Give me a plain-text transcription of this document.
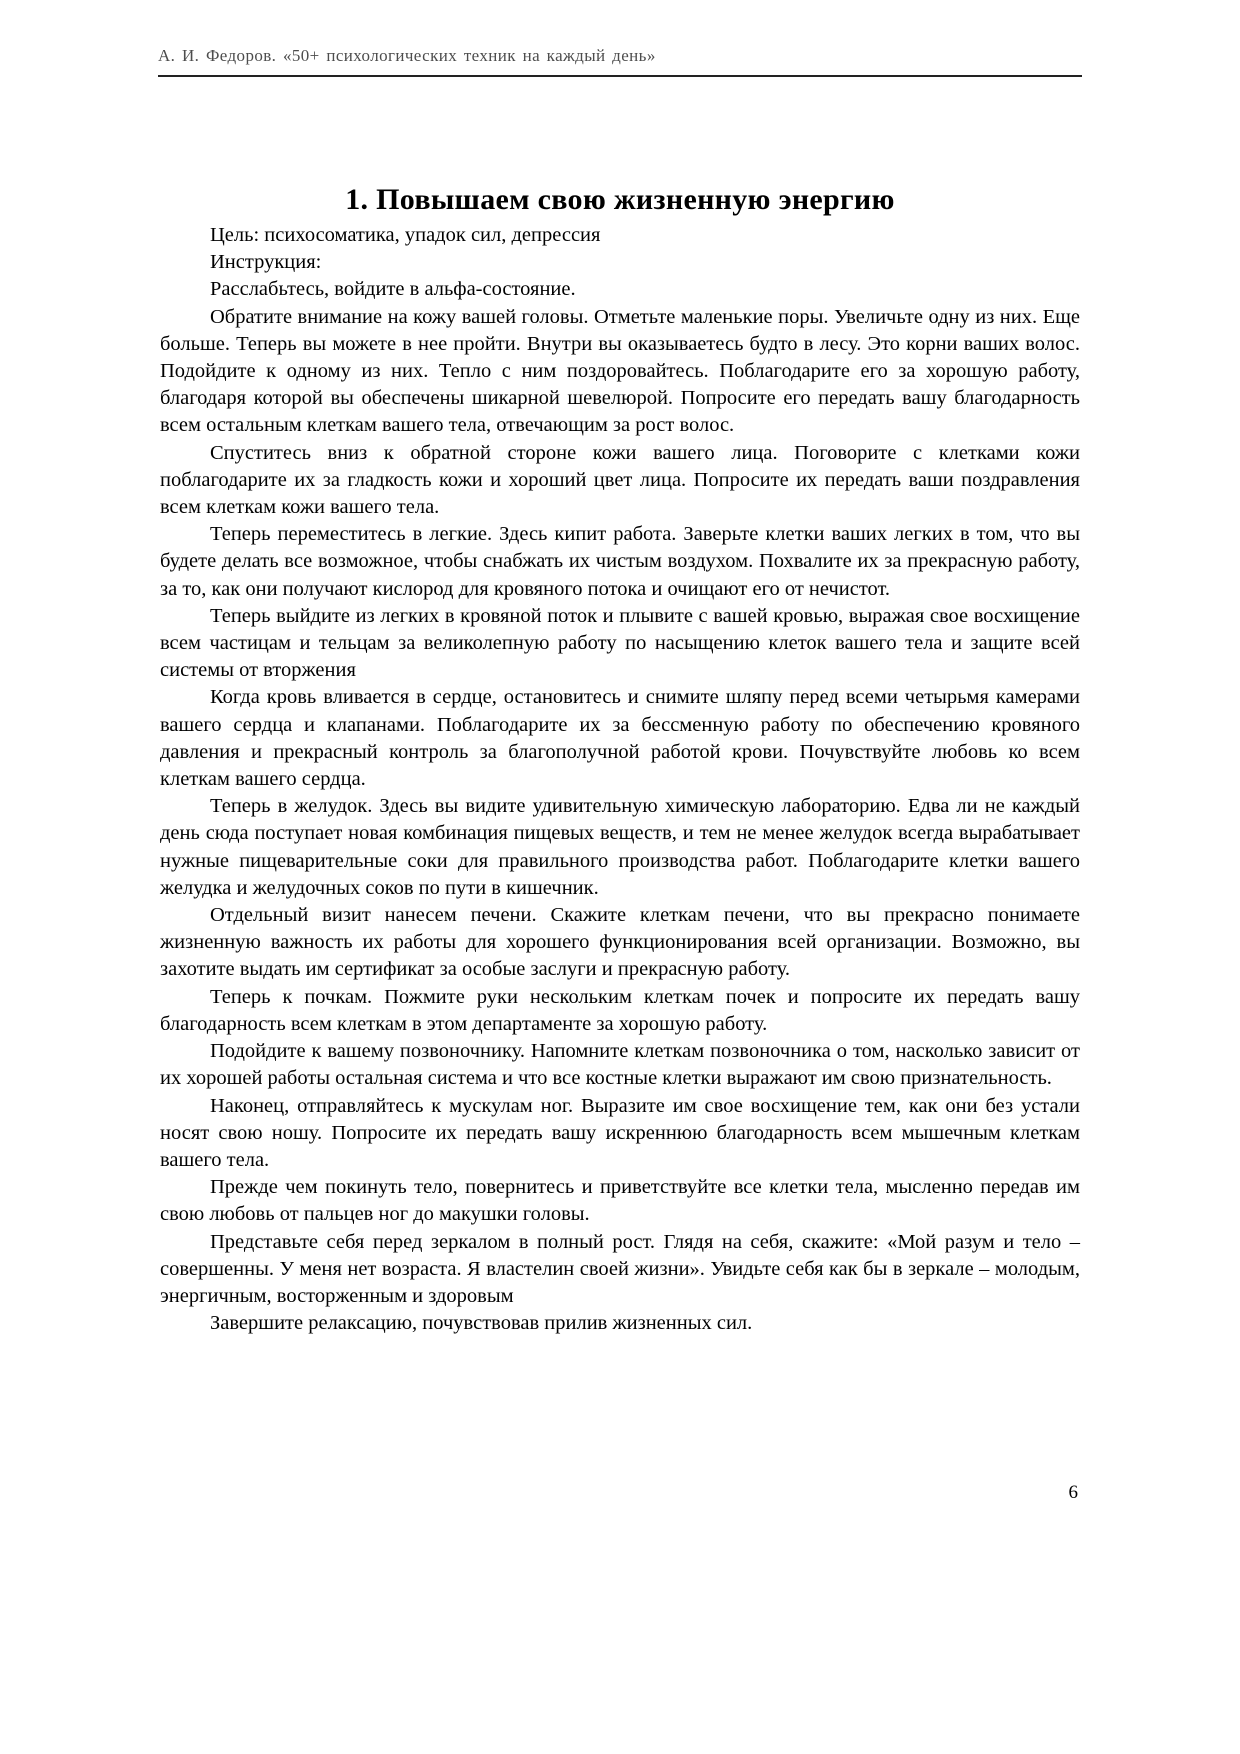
А. И. Федоров. «50+ психологических техник на каждый день»
1. Повышаем свою жизненную энергию

Цель: психосоматика, упадок сил, депрессия

Инструкция:

Расслабьтесь, войдите в альфа-состояние.

Обратите внимание на кожу вашей головы. Отметьте маленькие поры. Увеличьте одну из них. Еще больше. Теперь вы можете в нее пройти. Внутри вы оказываетесь будто в лесу. Это корни ваших волос. Подойдите к одному из них. Тепло с ним поздоровайтесь. Поблагодарите его за хорошую работу, благодаря которой вы обеспечены шикарной шевелюрой. Попросите его передать вашу благодарность всем остальным клеткам вашего тела, отвечающим за рост волос.

Спуститесь вниз к обратной стороне кожи вашего лица. Поговорите с клетками кожи поблагодарите их за гладкость кожи и хороший цвет лица. Попросите их передать ваши поздравления всем клеткам кожи вашего тела.

Теперь переместитесь в легкие. Здесь кипит работа. Заверьте клетки ваших легких в том, что вы будете делать все возможное, чтобы снабжать их чистым воздухом. Похвалите их за прекрасную работу, за то, как они получают кислород для кровяного потока и очищают его от нечистот.

Теперь выйдите из легких в кровяной поток и плывите с вашей кровью, выражая свое восхищение всем частицам и тельцам за великолепную работу по насыщению клеток вашего тела и защите всей системы от вторжения

Когда кровь вливается в сердце, остановитесь и снимите шляпу перед всеми четырьмя камерами вашего сердца и клапанами. Поблагодарите их за бессменную работу по обеспечению кровяного давления и прекрасный контроль за благополучной работой крови. Почувствуйте любовь ко всем клеткам вашего сердца.

Теперь в желудок. Здесь вы видите удивительную химическую лабораторию. Едва ли не каждый день сюда поступает новая комбинация пищевых веществ, и тем не менее желудок всегда вырабатывает нужные пищеварительные соки для правильного производства работ. Поблагодарите клетки вашего желудка и желудочных соков по пути в кишечник.

Отдельный визит нанесем печени. Скажите клеткам печени, что вы прекрасно понимаете жизненную важность их работы для хорошего функционирования всей организации. Возможно, вы захотите выдать им сертификат за особые заслуги и прекрасную работу.

Теперь к почкам. Пожмите руки нескольким клеткам почек и попросите их передать вашу благодарность всем клеткам в этом департаменте за хорошую работу.

Подойдите к вашему позвоночнику. Напомните клеткам позвоночника о том, насколько зависит от их хорошей работы остальная система и что все костные клетки выражают им свою признательность.

Наконец, отправляйтесь к мускулам ног. Выразите им свое восхищение тем, как они без устали носят свою ношу. Попросите их передать вашу искреннюю благодарность всем мышечным клеткам вашего тела.

Прежде чем покинуть тело, повернитесь и приветствуйте все клетки тела, мысленно передав им свою любовь от пальцев ног до макушки головы.

Представьте себя перед зеркалом в полный рост. Глядя на себя, скажите: «Мой разум и тело – совершенны. У меня нет возраста. Я властелин своей жизни». Увидьте себя как бы в зеркале – молодым, энергичным, восторженным и здоровым

Завершите релаксацию, почувствовав прилив жизненных сил.

6
